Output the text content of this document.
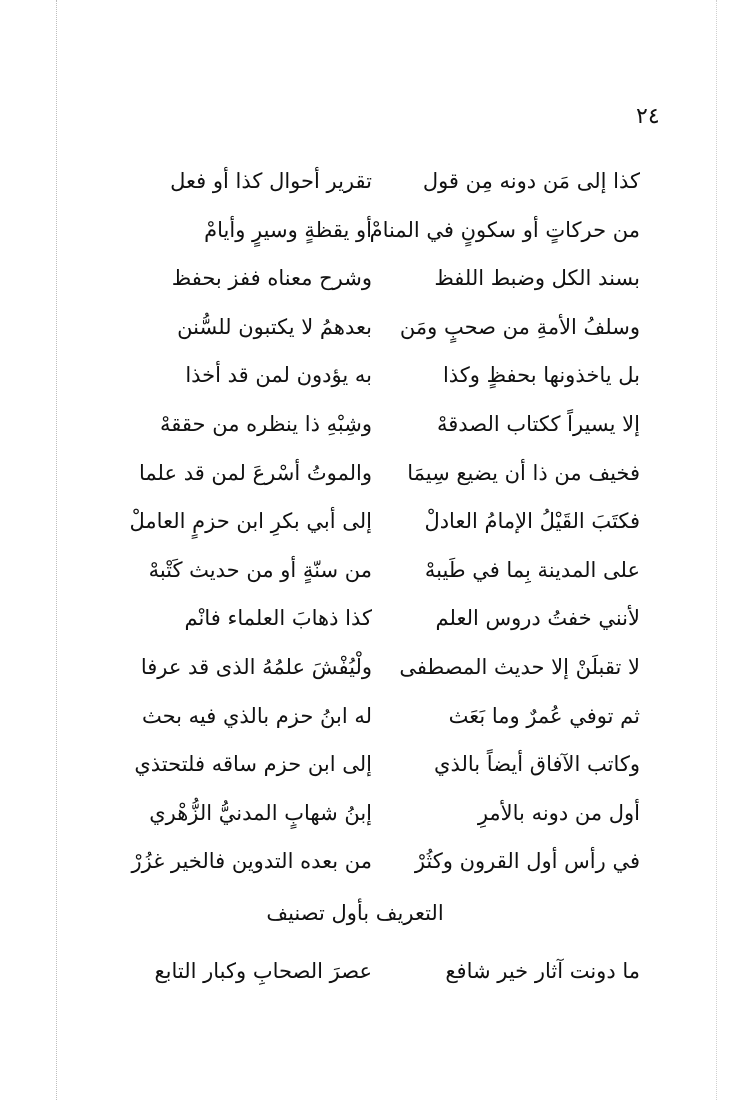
٢٤
كذا إلى مَن دونه مِن قول
تقرير أحوال كذا أو فعل
من حركاتٍ أو سكونٍ في المنامْ
أو يقظةٍ وسيرٍ وأيامْ
بسند الكل وضبط اللفظ
وشرح معناه ففز بحفظ
وسلفُ الأمةِ من صحبٍ ومَن
بعدهمُ لا يكتبون للسُّنن
بل ياخذونها بحفظٍ وكذا
به يؤدون لمن قد أخذا
إلا يسيراً ككتاب الصدقهْ
وشِبْهِ ذا ينظره من حققهْ
فخيف من ذا أن يضيع سِيمَا
والموتُ أسْرعَ لمن قد علما
فكتَبَ القَيْلُ الإمامُ العادلْ
إلى أبي بكرِ ابن حزمٍ العاملْ
على المدينة بِما في طَيبهْ
من سنّةٍ أو من حديث كَتْبهْ
لأنني خفتُ دروس العلم
كذا ذهابَ العلماء فانْم
لا تقبلَنْ إلا حديث المصطفى
ولْيُفْشَ علمُهُ الذى قد عرفا
ثم توفي عُمرٌ وما بَعَث
له ابنُ حزم بالذي فيه بحث
وكاتب الآفاق أيضاً بالذي
إلى ابن حزم ساقه فلتحتذي
أول من دونه بالأمرِ
إبنُ شهابٍ المدنيُّ الزُّهْري
في رأس أول القرون وكثُرْ
من بعده التدوين فالخير غزُرْ
التعريف بأول تصنيف
ما دونت آثار خير شافع
عصرَ الصحابِ وكبار التابع
